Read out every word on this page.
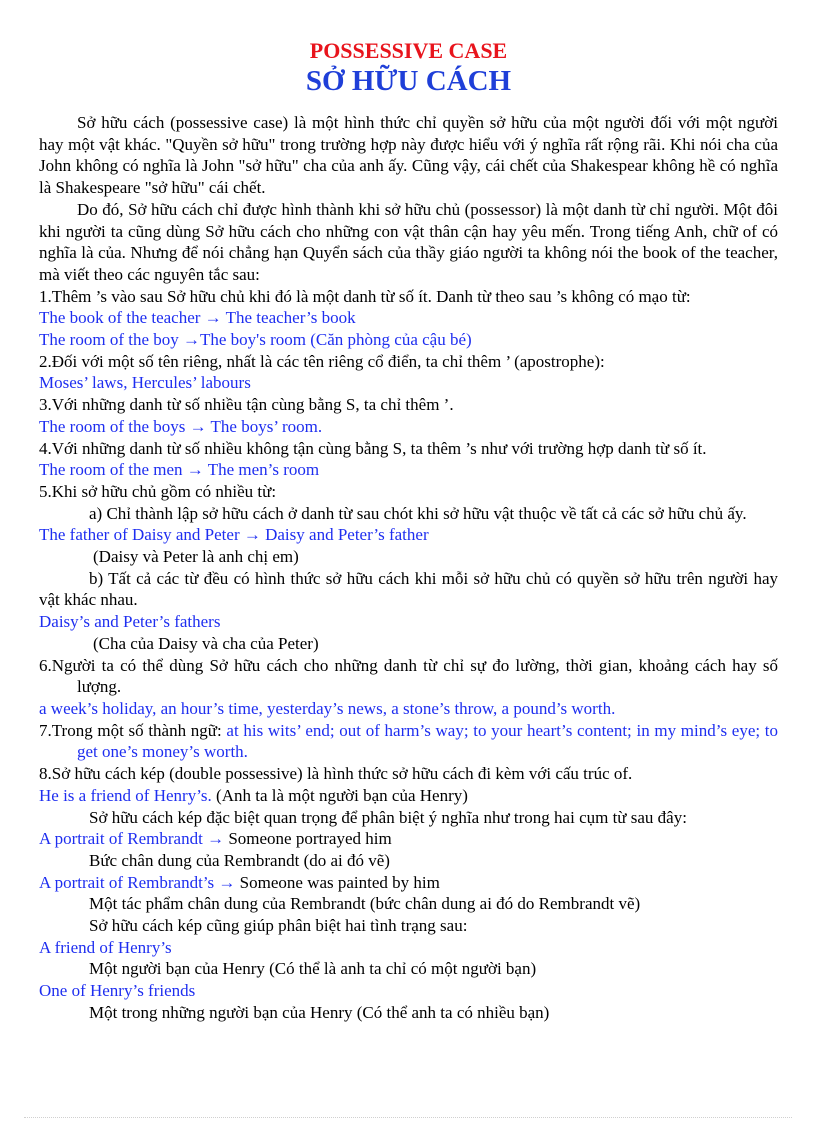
POSSESSIVE CASE
SỞ HỮU CÁCH

Sở hữu cách (possessive case) là một hình thức chỉ quyền sở hữu của một người đối với một người hay một vật khác. "Quyền sở hữu" trong trường hợp này được hiểu với ý nghĩa rất rộng rãi. Khi nói cha của John không có nghĩa là John "sở hữu" cha của anh ấy. Cũng vậy, cái chết của Shakespear không hề có nghĩa là Shakespeare "sở hữu" cái chết.

Do đó, Sở hữu cách chỉ được hình thành khi sở hữu chủ (possessor) là một danh từ chỉ người. Một đôi khi người ta cũng dùng Sở hữu cách cho những con vật thân cận hay yêu mến. Trong tiếng Anh, chữ of có nghĩa là của. Nhưng để nói chẳng hạn Quyển sách của thầy giáo người ta không nói the book of the teacher, mà viết theo các nguyên tắc sau:

1.Thêm ’s vào sau Sở hữu chủ khi đó là một danh từ số ít. Danh từ theo sau ’s không có mạo từ:

The book of the teacher → The teacher’s book

The room of the boy →The boy's room (Căn phòng của cậu bé)

2.Đối với một số tên riêng, nhất là các tên riêng cổ điển, ta chỉ thêm ’ (apostrophe):

Moses’ laws, Hercules’ labours

3.Với những danh từ số nhiều tận cùng bằng S, ta chỉ thêm ’.

The room of the boys → The boys’ room.

4.Với những danh từ số nhiều không tận cùng bằng S, ta thêm ’s như với trường hợp danh từ số ít.

The room of the men → The men’s room

5.Khi sở hữu chủ gồm có nhiều từ:

a) Chỉ thành lập sở hữu cách ở danh từ sau chót khi sở hữu vật thuộc về tất cả các sở hữu chủ ấy.

The father of Daisy and Peter → Daisy and Peter’s father

(Daisy và Peter là anh chị em)

b) Tất cả các từ đều có hình thức sở hữu cách khi mỗi sở hữu chủ có quyền sở hữu trên người hay vật khác nhau.

Daisy’s and Peter’s fathers

(Cha của Daisy và cha của Peter)

6.Người ta có thể dùng Sở hữu cách cho những danh từ chỉ sự đo lường, thời gian, khoảng cách hay số lượng.

a week’s holiday, an hour’s time, yesterday’s news, a stone’s throw, a pound’s worth.

7.Trong một số thành ngữ: at his wits’ end; out of harm’s way; to your heart’s content; in my mind’s eye; to get one’s money’s worth.

8.Sở hữu cách kép (double possessive) là hình thức sở hữu cách đi kèm với cấu trúc of.

He is a friend of Henry’s. (Anh ta là một người bạn của Henry)

Sở hữu cách kép đặc biệt quan trọng để phân biệt ý nghĩa như trong hai cụm từ sau đây:

A portrait of Rembrandt → Someone portrayed him

Bức chân dung của Rembrandt (do ai đó vẽ)

A portrait of Rembrandt’s → Someone was painted by him

Một tác phẩm chân dung của Rembrandt (bức chân dung ai đó do Rembrandt vẽ)

Sở hữu cách kép cũng giúp phân biệt hai tình trạng sau:

A friend of Henry’s

Một người bạn của Henry (Có thể là anh ta chỉ có một người bạn)

One of Henry’s friends

Một trong những người bạn của Henry (Có thể anh ta có nhiều bạn)
